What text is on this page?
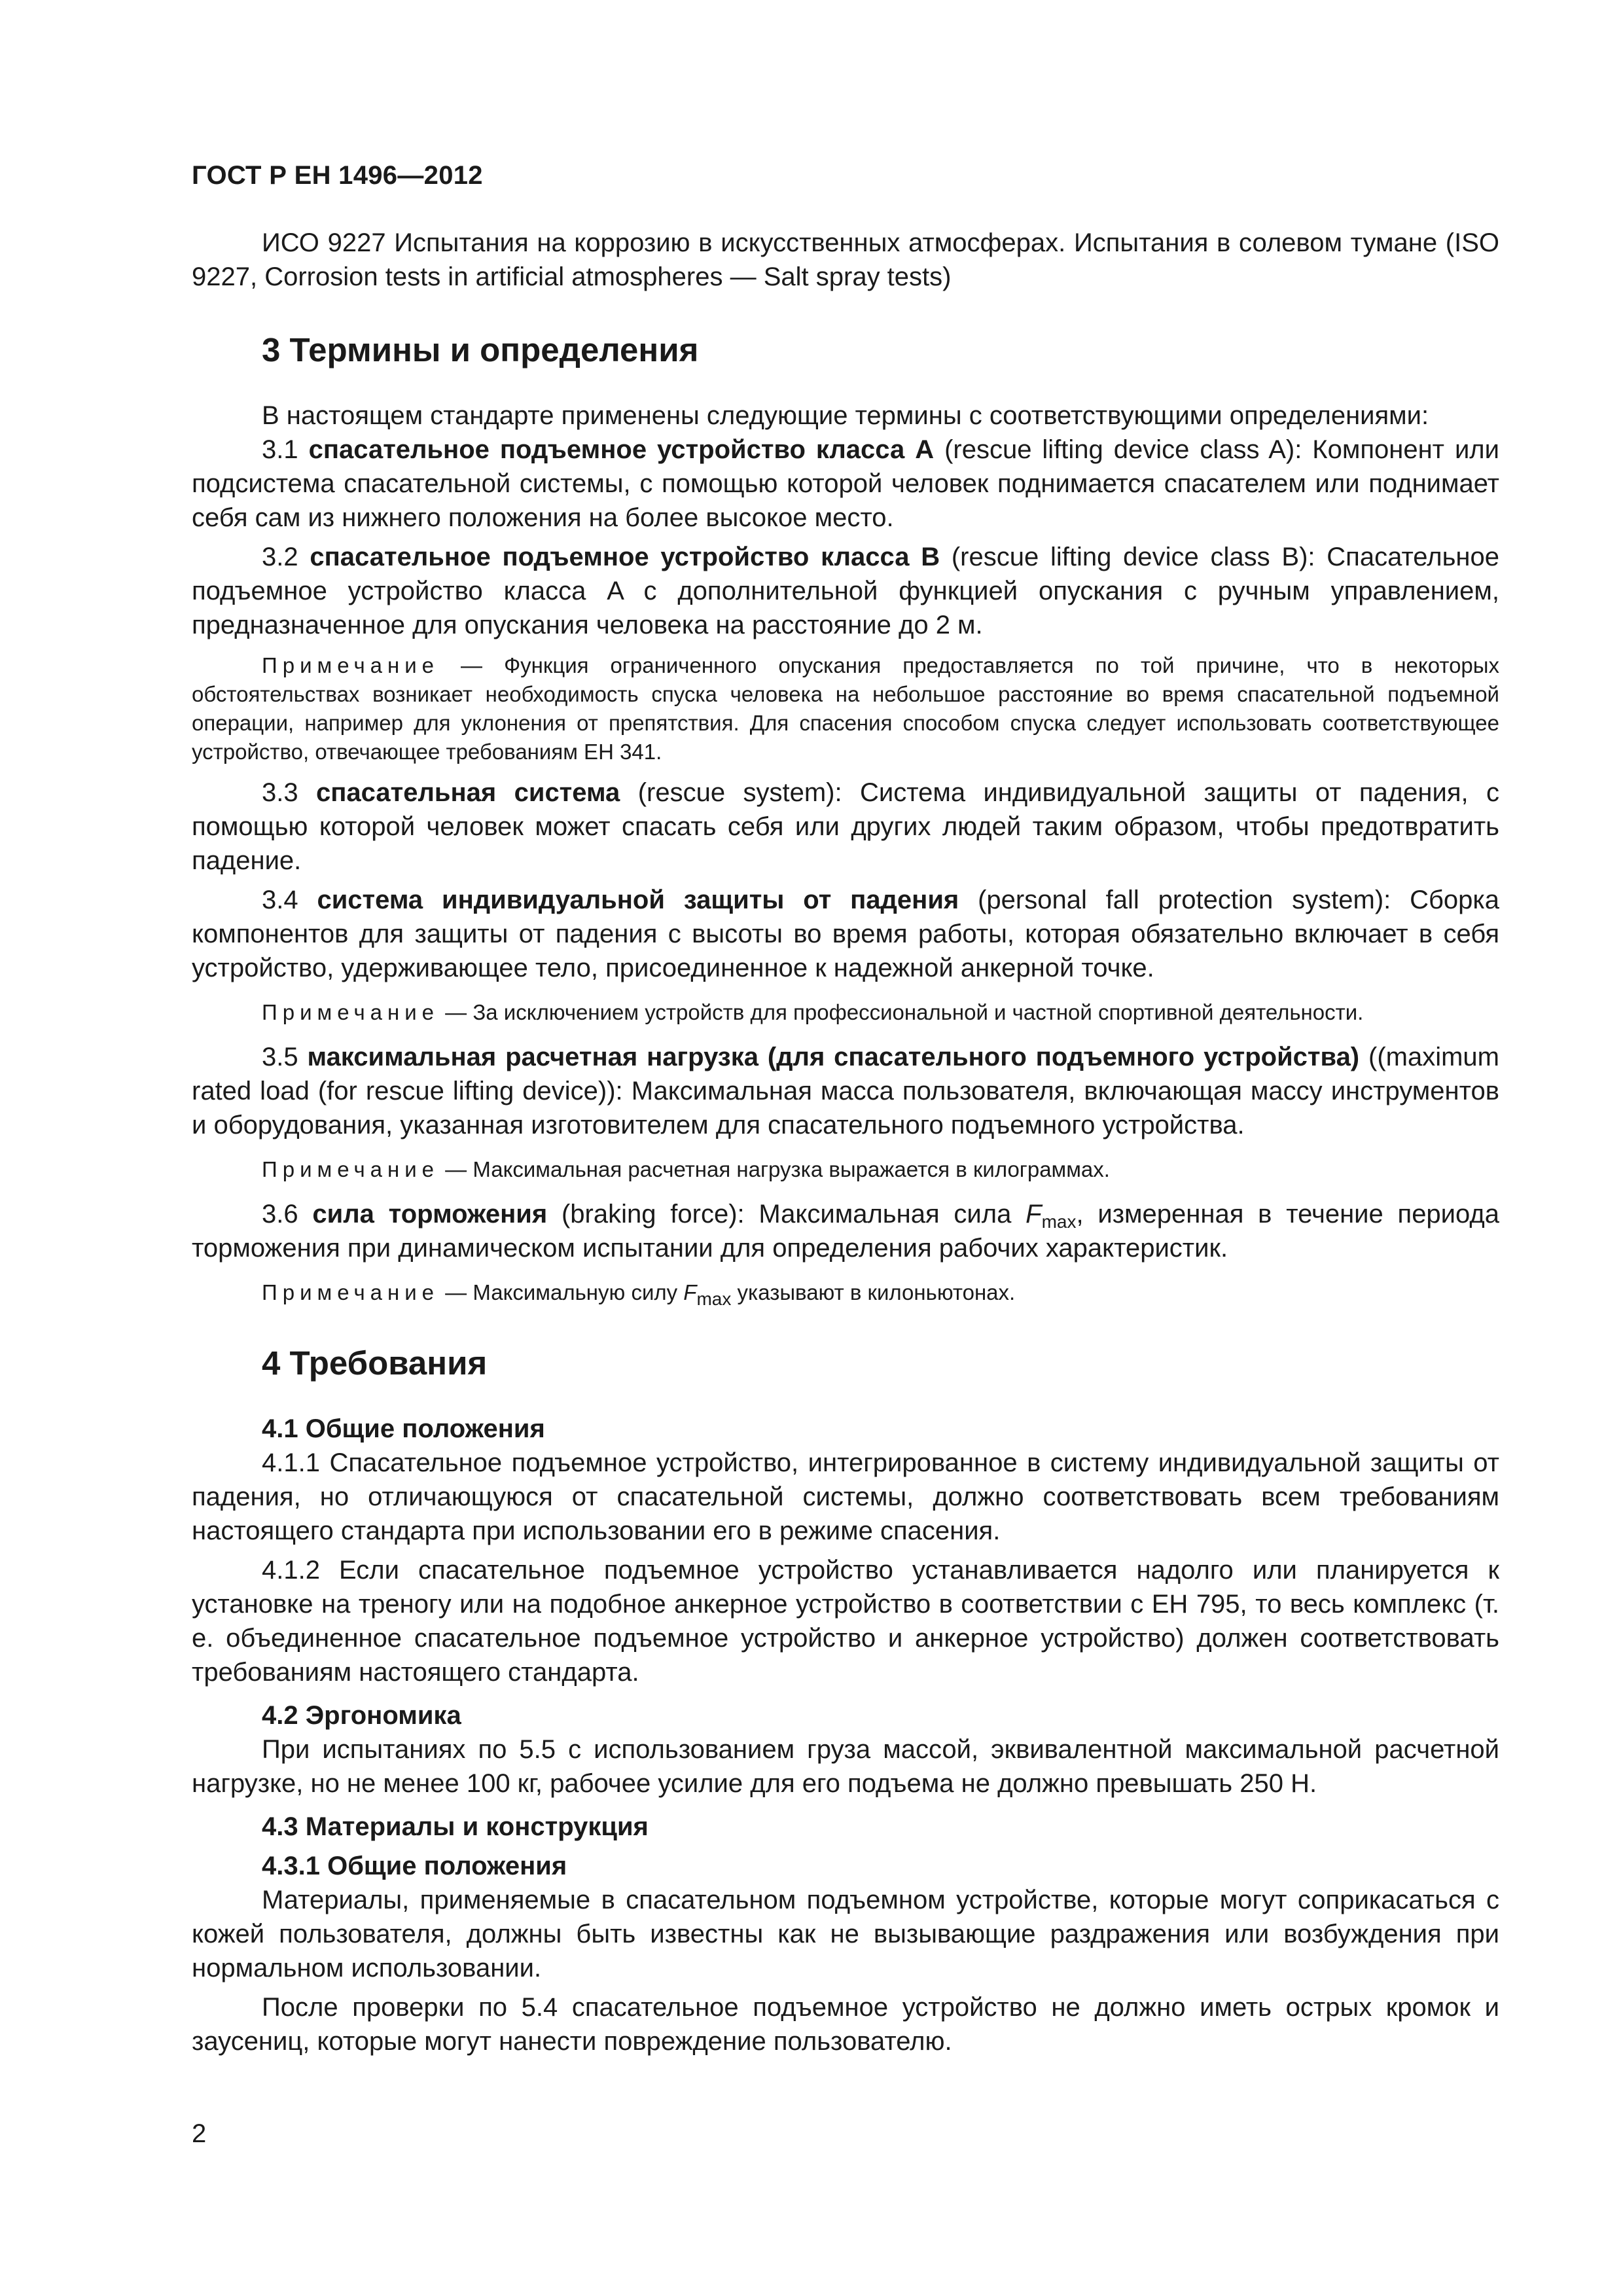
ГОСТ Р ЕН 1496—2012

ИСО 9227 Испытания на коррозию в искусственных атмосферах. Испытания в солевом тумане (ISO 9227, Corrosion tests in artificial atmospheres — Salt spray tests)

3 Термины и определения

В настоящем стандарте применены следующие термины с соответствующими определениями:

3.1 спасательное подъемное устройство класса A (rescue lifting device class A): Компонент или подсистема спасательной системы, с помощью которой человек поднимается спасателем или поднимает себя сам из нижнего положения на более высокое место.

3.2 спасательное подъемное устройство класса B (rescue lifting device class B): Спасательное подъемное устройство класса A с дополнительной функцией опускания с ручным управлением, предназначенное для опускания человека на расстояние до 2 м.

Примечание — Функция ограниченного опускания предоставляется по той причине, что в некоторых обстоятельствах возникает необходимость спуска человека на небольшое расстояние во время спасательной подъемной операции, например для уклонения от препятствия. Для спасения способом спуска следует использовать соответствующее устройство, отвечающее требованиям ЕН 341.

3.3 спасательная система (rescue system): Система индивидуальной защиты от падения, с помощью которой человек может спасать себя или других людей таким образом, чтобы предотвратить падение.

3.4 система индивидуальной защиты от падения (personal fall protection system): Сборка компонентов для защиты от падения с высоты во время работы, которая обязательно включает в себя устройство, удерживающее тело, присоединенное к надежной анкерной точке.

Примечание — За исключением устройств для профессиональной и частной спортивной деятельности.

3.5 максимальная расчетная нагрузка (для спасательного подъемного устройства) ((maximum rated load (for rescue lifting device)): Максимальная масса пользователя, включающая массу инструментов и оборудования, указанная изготовителем для спасательного подъемного устройства.

Примечание — Максимальная расчетная нагрузка выражается в килограммах.

3.6 сила торможения (braking force): Максимальная сила $F_{max}$, измеренная в течение периода торможения при динамическом испытании для определения рабочих характеристик.

Примечание — Максимальную силу $F_{max}$ указывают в килоньютонах.

4 Требования
4.1 Общие положения

4.1.1 Спасательное подъемное устройство, интегрированное в систему индивидуальной защиты от падения, но отличающуюся от спасательной системы, должно соответствовать всем требованиям настоящего стандарта при использовании его в режиме спасения.

4.1.2 Если спасательное подъемное устройство устанавливается надолго или планируется к установке на треногу или на подобное анкерное устройство в соответствии с ЕН 795, то весь комплекс (т. е. объединенное спасательное подъемное устройство и анкерное устройство) должен соответствовать требованиям настоящего стандарта.

4.2 Эргономика

При испытаниях по 5.5 с использованием груза массой, эквивалентной максимальной расчетной нагрузке, но не менее 100 кг, рабочее усилие для его подъема не должно превышать 250 Н.

4.3 Материалы и конструкция
4.3.1 Общие положения

Материалы, применяемые в спасательном подъемном устройстве, которые могут соприкасаться с кожей пользователя, должны быть известны как не вызывающие раздражения или возбуждения при нормальном использовании.

После проверки по 5.4 спасательное подъемное устройство не должно иметь острых кромок и заусениц, которые могут нанести повреждение пользователю.

2
